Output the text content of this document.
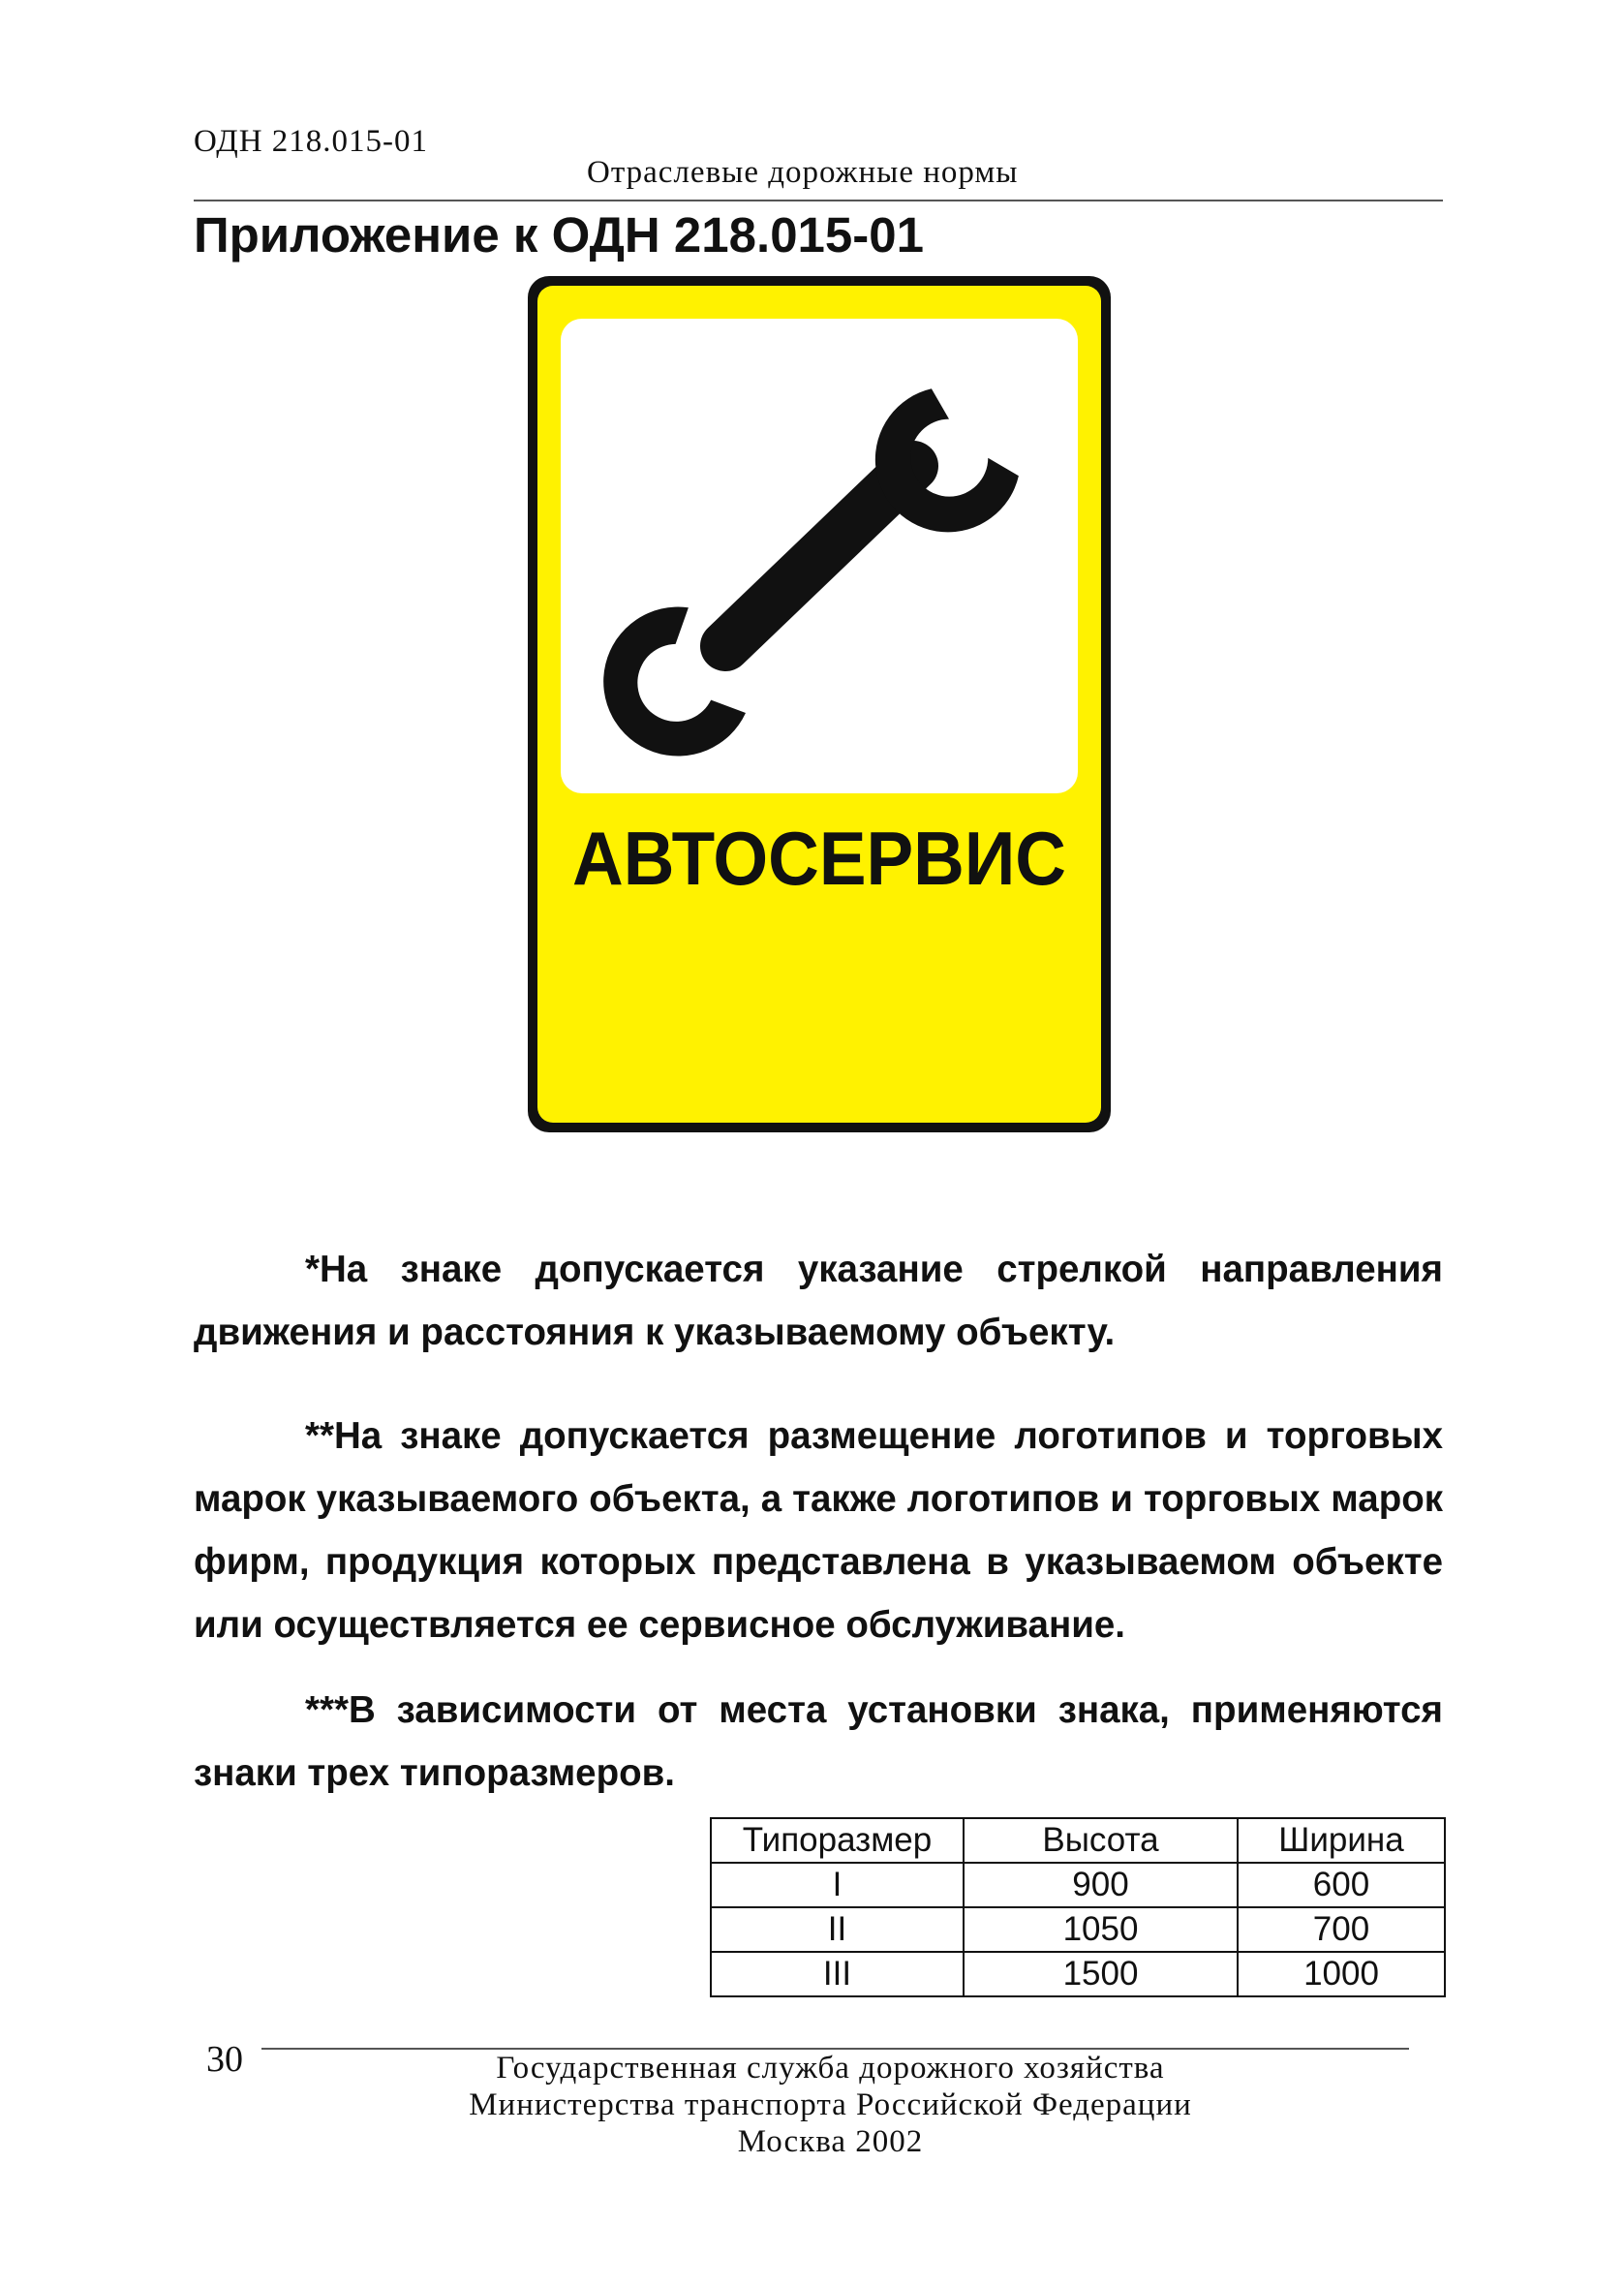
ОДН 218.015-01
Отраслевые дорожные нормы
Приложение к ОДН 218.015-01
АВТОСЕРВИС

*На знаке допускается указание стрелкой направления движения и расстояния к указываемому объекту.

**На знаке допускается размещение логотипов и торговых марок указываемого объекта, а также логотипов и торговых марок фирм, продукция которых представлена в указываемом объекте или осуществляется ее сервисное обслуживание.

***В зависимости от места установки знака, применяются знаки трех типоразмеров.

Типоразмер	Высота	Ширина
I	900	600
II	1050	700
III	1500	1000
30	Государственная служба дорожного хозяйства
Министерства транспорта Российской Федерации
Москва 2002
